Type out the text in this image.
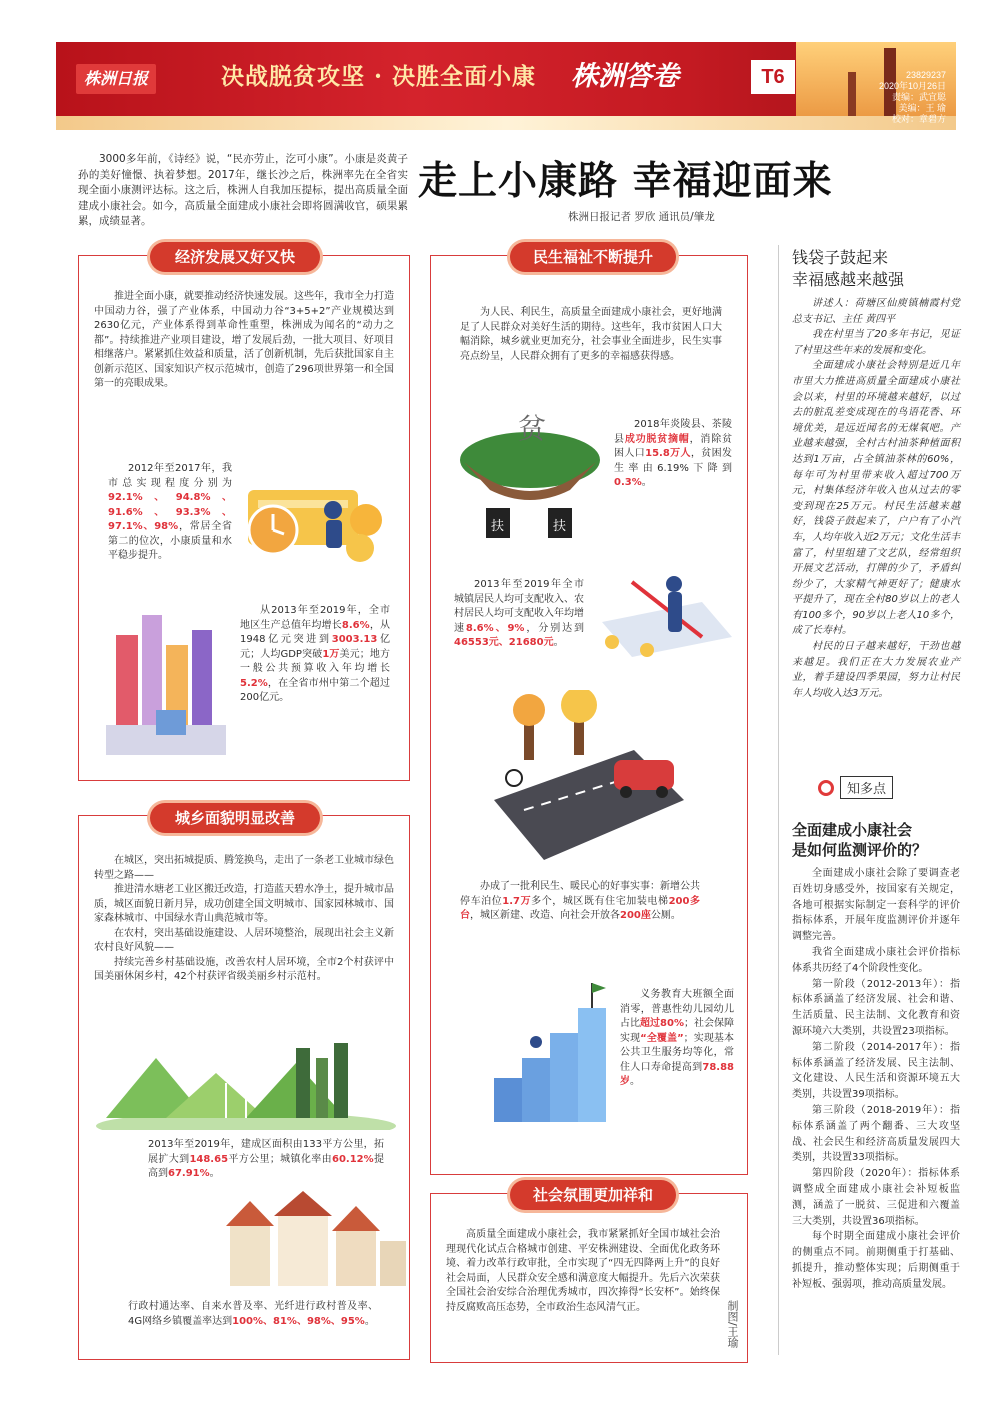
株洲日报	决战脱贫攻坚 · 决胜全面小康 株洲答卷	T6	23829237
2020年10月26日
责编：武宜聪
美编：王 瑜
校对：章碧方

3000多年前，《诗经》说，“民亦劳止，汔可小康”。小康是炎黄子孙的美好憧憬、执着梦想。2017年，继长沙之后，株洲率先在全省实现全面小康测评达标。这之后，株洲人自我加压提标，提出高质量全面建成小康社会。如今，高质量全面建成小康社会即将圆满收官，硕果累累，成绩显著。

走上小康路 幸福迎面来
株洲日报记者 罗欣 通讯员/肇龙
经济发展又好又快

推进全面小康，就要推动经济快速发展。这些年，我市全力打造中国动力谷，强了产业体系，中国动力谷“3+5+2”产业规模达到2630亿元，产业体系得到革命性重塑，株洲成为闻名的“动力之都”。持续推进产业项目建设，增了发展后劲，一批大项目、好项目相继落户。紧紧抓住效益和质量，活了创新机制，先后获批国家自主创新示范区、国家知识产权示范城市，创造了296项世界第一和全国第一的亮眼成果。

2012年至2017年，我市总实现程度分别为92.1%、94.8%、91.6%、93.3%、97.1%、98%，常居全省第二的位次，小康质量和水平稳步提升。

从2013年至2019年，全市地区生产总值年均增长8.6%，从1948亿元突进到3003.13亿元；人均GDP突破1万美元；地方一般公共预算收入年均增长5.2%，在全省市州中第二个超过200亿元。

城乡面貌明显改善

在城区，突出拓城提质、腾笼换鸟，走出了一条老工业城市绿色转型之路——

推进清水塘老工业区搬迁改造，打造蓝天碧水净土，提升城市品质，城区面貌日新月异，成功创建全国文明城市、国家园林城市、国家森林城市、中国绿水青山典范城市等。

在农村，突出基础设施建设、人居环境整治，展现出社会主义新农村良好风貌——

持续完善乡村基础设施，改善农村人居环境，全市2个村获评中国美丽休闲乡村，42个村获评省级美丽乡村示范村。

2013年至2019年，建成区面积由133平方公里，拓展扩大到148.65平方公里；城镇化率由60.12%提高到67.91%。

行政村通达率、自来水普及率、光纤进行政村普及率、4G网络乡镇覆盖率达到100%、81%、98%、95%。

民生福祉不断提升

为人民、利民生，高质量全面建成小康社会，更好地满足了人民群众对美好生活的期待。这些年，我市贫困人口大幅消除，城乡就业更加充分，社会事业全面进步，民生实事亮点纷呈，人民群众拥有了更多的幸福感获得感。

贫
扶	扶

2018年炎陵县、茶陵县成功脱贫摘帽，消除贫困人口15.8万人，贫困发生率由6.19%下降到0.3%。

2013年至2019年全市城镇居民人均可支配收入、农村居民人均可支配收入年均增速8.6%、9%，分别达到46553元、21680元。

办成了一批利民生、暖民心的好事实事：新增公共停车泊位1.7万多个，城区既有住宅加装电梯200多台，城区新建、改造、向社会开放各200座公厕。

义务教育大班额全面消零，普惠性幼儿园幼儿占比超过80%；社会保障实现“全覆盖”；实现基本公共卫生服务均等化，常住人口寿命提高到78.88岁。

社会氛围更加祥和

高质量全面建成小康社会，我市紧紧抓好全国市域社会治理现代化试点合格城市创建、平安株洲建设、全面优化政务环境、着力改革行政审批，全市实现了“四无四降两上升”的良好社会局面，人民群众安全感和满意度大幅提升。先后六次荣获全国社会治安综合治理优秀城市，四次捧得“长安杯”。始终保持反腐败高压态势，全市政治生态风清气正。	制图/王瑜
钱袋子鼓起来
幸福感越来越强

讲述人：荷塘区仙庾镇楠霞村党总支书记、主任 黄四平

我在村里当了20多年书记，见证了村里这些年来的发展和变化。

全面建成小康社会特别是近几年市里大力推进高质量全面建成小康社会以来，村里的环境越来越好，以过去的脏乱差变成现在的鸟语花香、环境优美，是远近闻名的无煤氧吧。产业越来越强，全村古村油茶种植面积达到1万亩，占全镇油茶林的60%，每年可为村里带来收入超过700万元，村集体经济年收入也从过去的零变到现在25万元。村民生活越来越好，钱袋子鼓起来了，户户有了小汽车，人均年收入近2万元；文化生活丰富了，村里组建了文艺队，经常组织开展文艺活动，打牌的少了，矛盾纠纷少了，大家精气神更好了；健康水平提升了，现在全村80岁以上的老人有100多个，90岁以上老人10多个，成了长寿村。

村民的日子越来越好，干劲也越来越足。我们正在大力发展农业产业，着手建设四季果园，努力让村民年人均收入达3万元。

知多点
全面建成小康社会
是如何监测评价的？

全面建成小康社会除了要调查老百姓切身感受外，按国家有关规定，各地可根据实际制定一套科学的评价指标体系，开展年度监测评价并逐年调整完善。

我省全面建成小康社会评价指标体系共历经了4个阶段性变化。

第一阶段（2012-2013年）：指标体系涵盖了经济发展、社会和谐、生活质量、民主法制、文化教育和资源环境六大类别，共设置23项指标。

第二阶段（2014-2017年）：指标体系涵盖了经济发展、民主法制、文化建设、人民生活和资源环境五大类别，共设置39项指标。

第三阶段（2018-2019年）：指标体系涵盖了两个翻番、三大攻坚战、社会民生和经济高质量发展四大类别，共设置33项指标。

第四阶段（2020年）：指标体系调整成全面建成小康社会补短板监测，涵盖了一脱贫、三促进和六覆盖三大类别，共设置36项指标。

每个时期全面建成小康社会评价的侧重点不同。前期侧重于打基础、抓提升，推动整体实现；后期侧重于补短板、强弱项，推动高质量发展。
